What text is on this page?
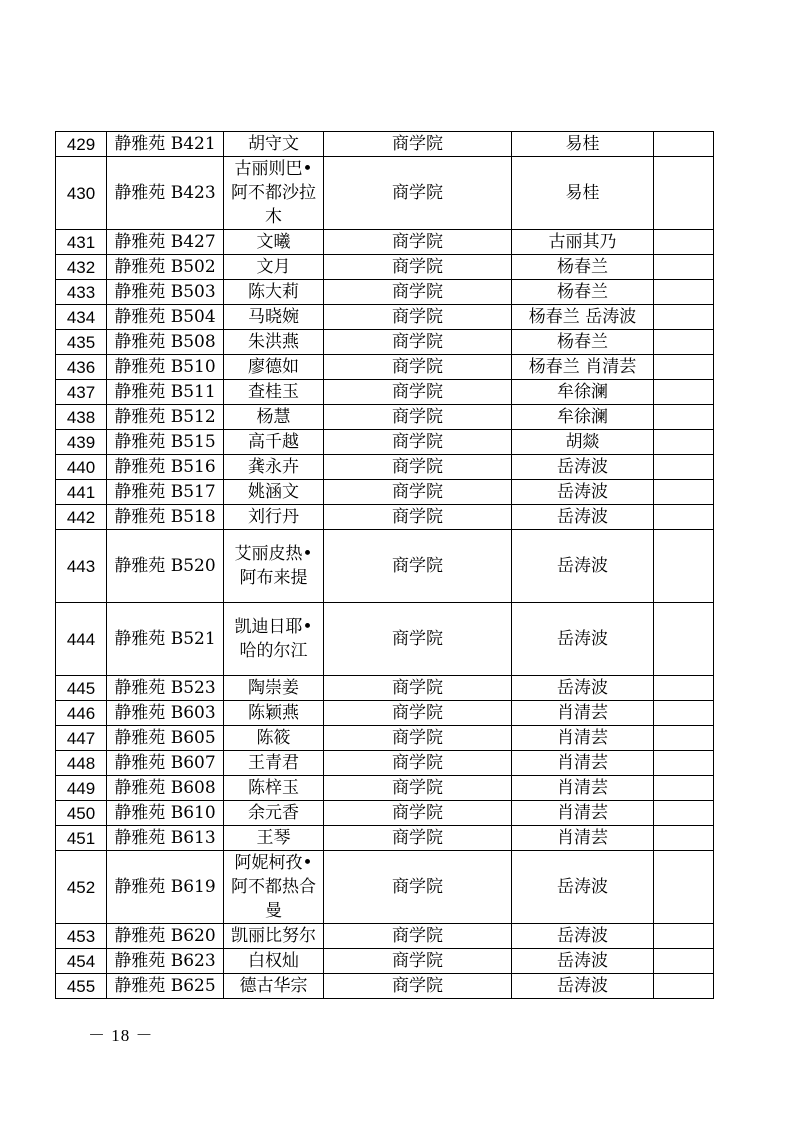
429	静雅苑 B421	胡守文	商学院	易桂	
430	静雅苑 B423	古丽则巴•阿不都沙拉木	商学院	易桂	
431	静雅苑 B427	文曦	商学院	古丽其乃	
432	静雅苑 B502	文月	商学院	杨春兰	
433	静雅苑 B503	陈大莉	商学院	杨春兰	
434	静雅苑 B504	马晓婉	商学院	杨春兰 岳涛波	
435	静雅苑 B508	朱洪燕	商学院	杨春兰	
436	静雅苑 B510	廖德如	商学院	杨春兰 肖清芸	
437	静雅苑 B511	查桂玉	商学院	牟徐澜	
438	静雅苑 B512	杨慧	商学院	牟徐澜	
439	静雅苑 B515	高千越	商学院	胡燚	
440	静雅苑 B516	龚永卉	商学院	岳涛波	
441	静雅苑 B517	姚涵文	商学院	岳涛波	
442	静雅苑 B518	刘行丹	商学院	岳涛波	
443	静雅苑 B520	艾丽皮热•阿布来提	商学院	岳涛波	
444	静雅苑 B521	凯迪日耶•哈的尔江	商学院	岳涛波	
445	静雅苑 B523	陶崇姜	商学院	岳涛波	
446	静雅苑 B603	陈颖燕	商学院	肖清芸	
447	静雅苑 B605	陈筱	商学院	肖清芸	
448	静雅苑 B607	王青君	商学院	肖清芸	
449	静雅苑 B608	陈梓玉	商学院	肖清芸	
450	静雅苑 B610	余元香	商学院	肖清芸	
451	静雅苑 B613	王琴	商学院	肖清芸	
452	静雅苑 B619	阿妮柯孜•阿不都热合曼	商学院	岳涛波	
453	静雅苑 B620	凯丽比努尔	商学院	岳涛波	
454	静雅苑 B623	白权灿	商学院	岳涛波	
455	静雅苑 B625	德古华宗	商学院	岳涛波	
－ 18 －
